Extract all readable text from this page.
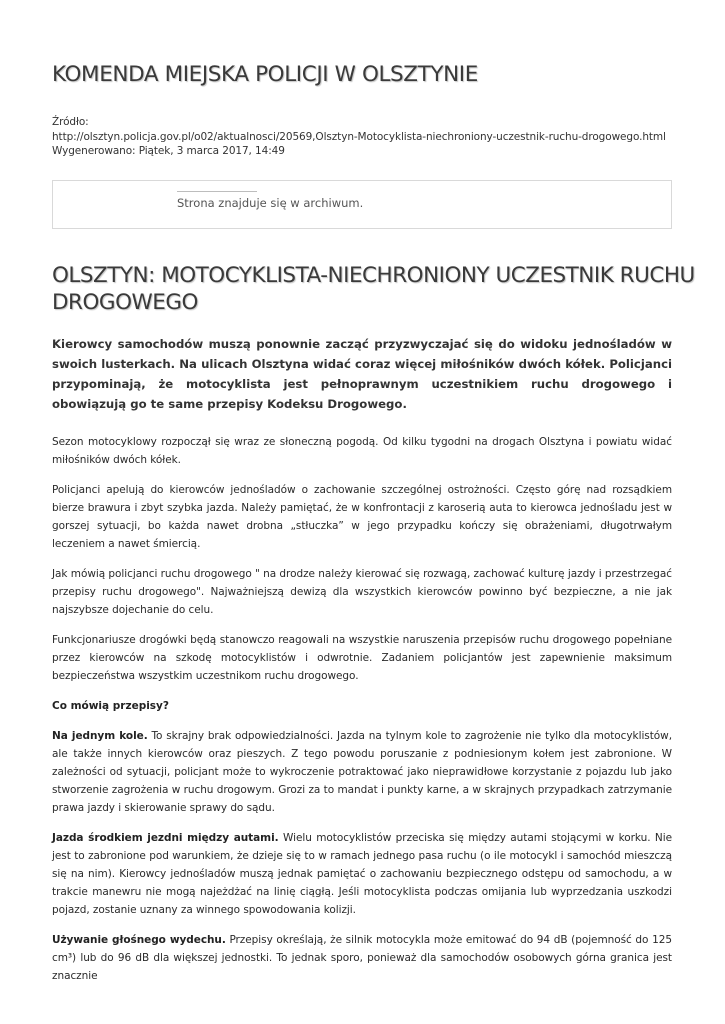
KOMENDA MIEJSKA POLICJI W OLSZTYNIE
Źródło:
http://olsztyn.policja.gov.pl/o02/aktualnosci/20569,Olsztyn-Motocyklista-niechroniony-uczestnik-ruchu-drogowego.html
Wygenerowano: Piątek, 3 marca 2017, 14:49
Strona znajduje się w archiwum.
OLSZTYN: MOTOCYKLISTA-NIECHRONIONY UCZESTNIK RUCHU
DROGOWEGO

Kierowcy samochodów muszą ponownie zacząć przyzwyczajać się do widoku jednośladów w swoich lusterkach. Na ulicach Olsztyna widać coraz więcej miłośników dwóch kółek. Policjanci przypominają, że motocyklista jest pełnoprawnym uczestnikiem ruchu drogowego i obowiązują go te same przepisy Kodeksu Drogowego.

Sezon motocyklowy rozpoczął się wraz ze słoneczną pogodą. Od kilku tygodni na drogach Olsztyna i powiatu widać miłośników dwóch kółek.

Policjanci apelują do kierowców jednośladów o zachowanie szczególnej ostrożności. Często górę nad rozsądkiem bierze brawura i zbyt szybka jazda. Należy pamiętać, że w konfrontacji z karoserią auta to kierowca jednośladu jest w gorszej sytuacji, bo każda nawet drobna „stłuczka” w jego przypadku kończy się obrażeniami, długotrwałym leczeniem a nawet śmiercią.

Jak mówią policjanci ruchu drogowego " na drodze należy kierować się rozwagą, zachować kulturę jazdy i przestrzegać przepisy ruchu drogowego". Najważniejszą dewizą dla wszystkich kierowców powinno być bezpieczne, a nie jak najszybsze dojechanie do celu.

Funkcjonariusze drogówki będą stanowczo reagowali na wszystkie naruszenia przepisów ruchu drogowego popełniane przez kierowców na szkodę motocyklistów i odwrotnie. Zadaniem policjantów jest zapewnienie maksimum bezpieczeństwa wszystkim uczestnikom ruchu drogowego.

Co mówią przepisy?

Na jednym kole. To skrajny brak odpowiedzialności. Jazda na tylnym kole to zagrożenie nie tylko dla motocyklistów, ale także innych kierowców oraz pieszych. Z tego powodu poruszanie z podniesionym kołem jest zabronione. W zależności od sytuacji, policjant może to wykroczenie potraktować jako nieprawidłowe korzystanie z pojazdu lub jako stworzenie zagrożenia w ruchu drogowym. Grozi za to mandat i punkty karne, a w skrajnych przypadkach zatrzymanie prawa jazdy i skierowanie sprawy do sądu.

Jazda środkiem jezdni między autami. Wielu motocyklistów przeciska się między autami stojącymi w korku. Nie jest to zabronione pod warunkiem, że dzieje się to w ramach jednego pasa ruchu (o ile motocykl i samochód mieszczą się na nim). Kierowcy jednośladów muszą jednak pamiętać o zachowaniu bezpiecznego odstępu od samochodu, a w trakcie manewru nie mogą najeżdżać na linię ciągłą. Jeśli motocyklista podczas omijania lub wyprzedzania uszkodzi pojazd, zostanie uznany za winnego spowodowania kolizji.

Używanie głośnego wydechu. Przepisy określają, że silnik motocykla może emitować do 94 dB (pojemność do 125 cm³) lub do 96 dB dla większej jednostki. To jednak sporo, ponieważ dla samochodów osobowych górna granica jest znacznie
